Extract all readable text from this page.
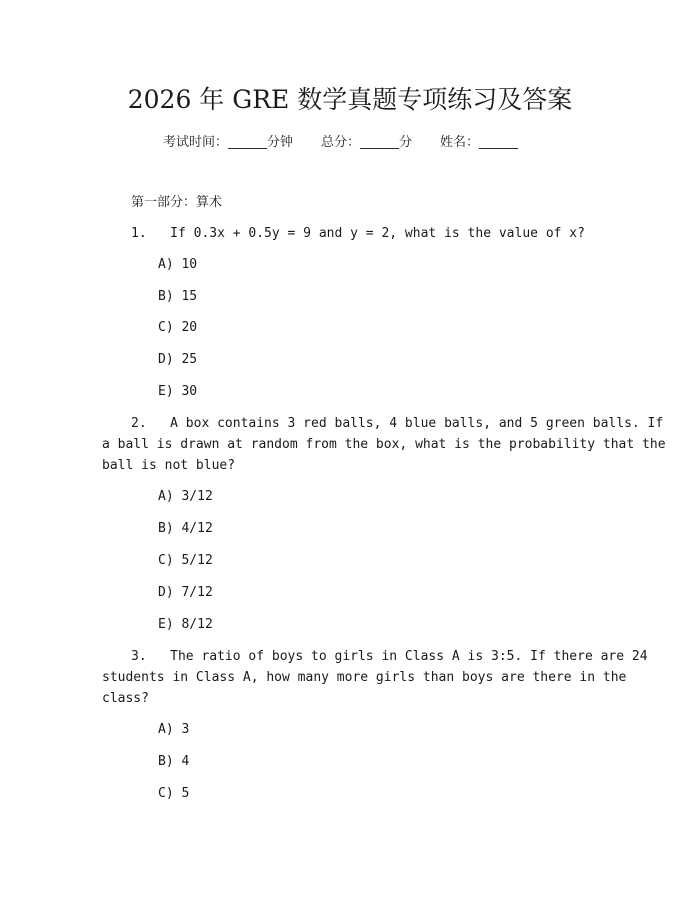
2026 年 GRE 数学真题专项练习及答案
考试时间：______分钟 总分：______分 姓名：______
第一部分：算术
1.   If 0.3x + 0.5y = 9 and y = 2, what is the value of x?
A) 10
B) 15
C) 20
D) 25
E) 30
2.   A box contains 3 red balls, 4 blue balls, and 5 green balls. If
a ball is drawn at random from the box, what is the probability that the
ball is not blue?
A) 3/12
B) 4/12
C) 5/12
D) 7/12
E) 8/12
3.   The ratio of boys to girls in Class A is 3:5. If there are 24
students in Class A, how many more girls than boys are there in the
class?
A) 3
B) 4
C) 5
